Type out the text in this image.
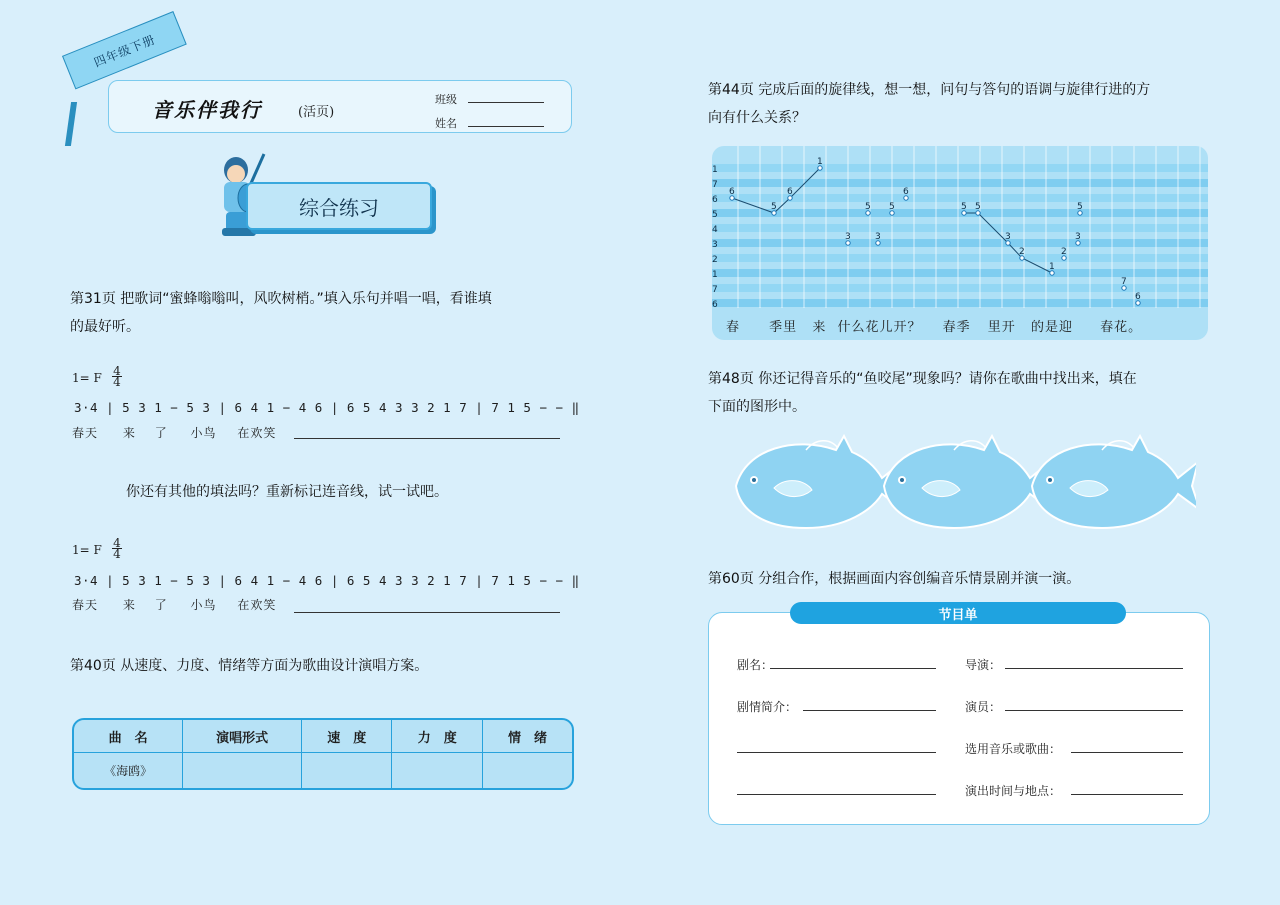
四年级下册
音乐伴我行	(活页)
班级
姓名
综合练习
第31页 把歌词“蜜蜂嗡嗡叫，风吹树梢。”填入乐句并唱一唱，看谁填
的最好听。
1= F 4
4
3·4 | 5 3 1 − 5 3 | 6 4 1 − 4 6 | 6 5 4 3 3 2 1 7 | 7 1 5 − − ‖
春天 来 了 小鸟 在欢笑
你还有其他的填法吗？重新标记连音线，试一试吧。
1= F 4
4
3·4 | 5 3 1 − 5 3 | 6 4 1 − 4 6 | 6 5 4 3 3 2 1 7 | 7 1 5 − − ‖
春天 来 了 小鸟 在欢笑
第40页 从速度、力度、情绪等方面为歌曲设计演唱方案。
曲　名	演唱形式	速　度	力　度	情　绪
《海鸥》				
第44页 完成后面的旋律线，想一想，问句与答句的语调与旋律行进的方
向有什么关系？
1
7
6
5
4
3
2
1
7
6
6
5
6
1
3
5
3
5
6
5 5
3
2
1
2
3
5
7
6
春 季里 来 什么花儿开？ 春季 里开 的是迎 春花。
第48页 你还记得音乐的“鱼咬尾”现象吗？请你在歌曲中找出来，填在
下面的图形中。
第60页 分组合作，根据画面内容创编音乐情景剧并演一演。
节目单
剧名：	导演：
剧情简介：	演员：
选用音乐或歌曲：
演出时间与地点：
